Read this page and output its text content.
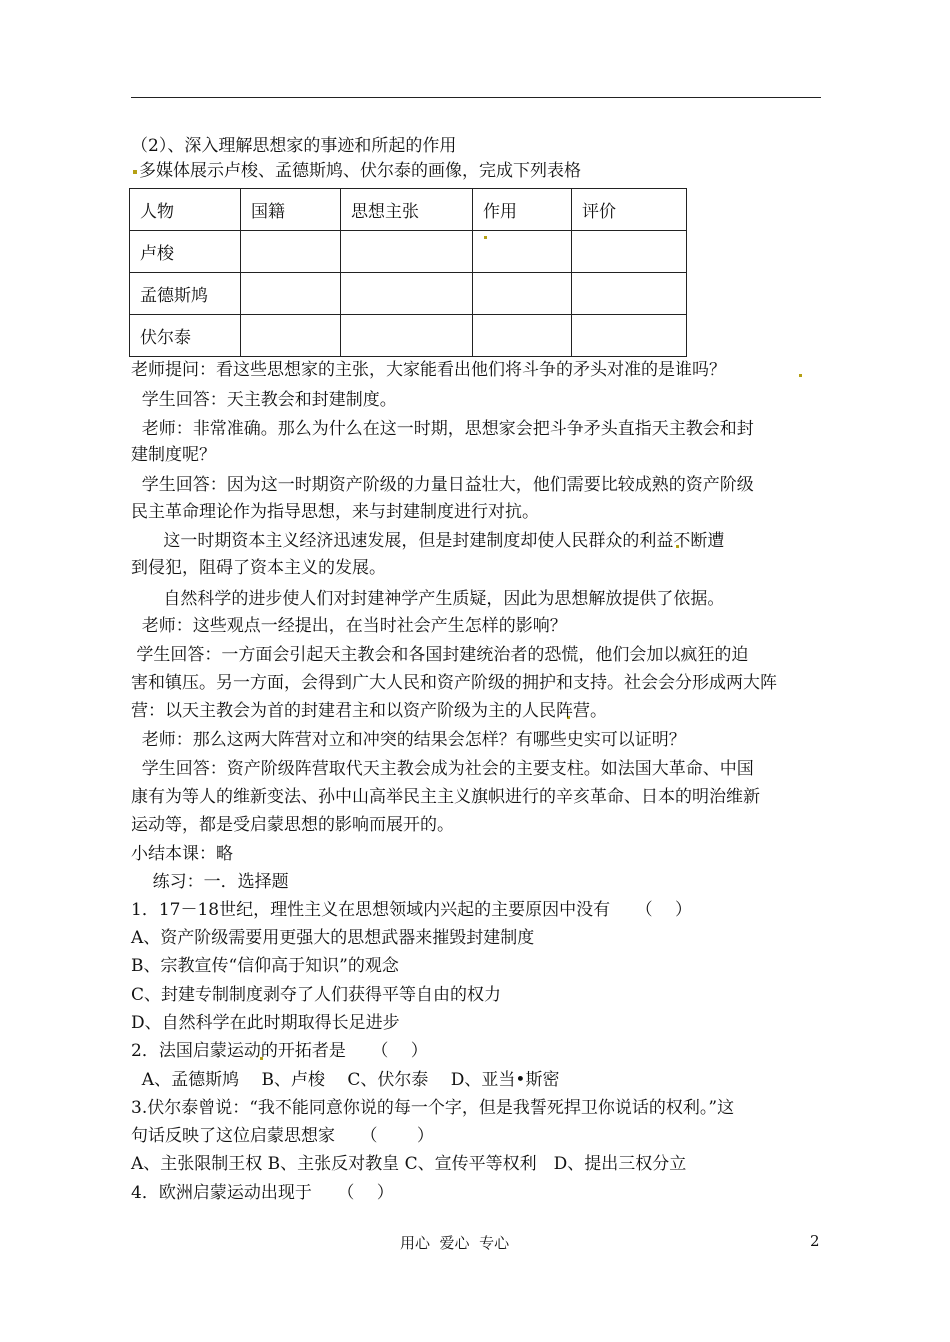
（2）、深入理解思想家的事迹和所起的作用
多媒体展示卢梭、孟德斯鸠、伏尔泰的画像，完成下列表格
人物	国籍	思想主张	作用	评价
卢梭				
孟德斯鸠				
伏尔泰				
老师提问：看这些思想家的主张，大家能看出他们将斗争的矛头对准的是谁吗？
学生回答：天主教会和封建制度。
老师：非常准确。那么为什么在这一时期，思想家会把斗争矛头直指天主教会和封
建制度呢？
学生回答：因为这一时期资产阶级的力量日益壮大，他们需要比较成熟的资产阶级
民主革命理论作为指导思想，来与封建制度进行对抗。
这一时期资本主义经济迅速发展，但是封建制度却使人民群众的利益不断遭
到侵犯，阻碍了资本主义的发展。
自然科学的进步使人们对封建神学产生质疑，因此为思想解放提供了依据。
老师：这些观点一经提出，在当时社会产生怎样的影响？
学生回答：一方面会引起天主教会和各国封建统治者的恐慌，他们会加以疯狂的迫
害和镇压。另一方面，会得到广大人民和资产阶级的拥护和支持。社会会分形成两大阵
营：以天主教会为首的封建君主和以资产阶级为主的人民阵营。
老师：那么这两大阵营对立和冲突的结果会怎样？有哪些史实可以证明？
学生回答：资产阶级阵营取代天主教会成为社会的主要支柱。如法国大革命、中国
康有为等人的维新变法、孙中山高举民主主义旗帜进行的辛亥革命、日本的明治维新
运动等，都是受启蒙思想的影响而展开的。
小结本课：略
练习：一．选择题
1．17－18世纪，理性主义在思想领域内兴起的主要原因中没有　　（　 ）
A、资产阶级需要用更强大的思想武器来摧毁封建制度
B、宗教宣传“信仰高于知识”的观念
C、封建专制制度剥夺了人们获得平等自由的权力
D、自然科学在此时期取得长足进步
2．法国启蒙运动的开拓者是　　（　 ）
A、孟德斯鸠　 B、卢梭　 C、伏尔泰　 D、亚当•斯密
3.伏尔泰曾说：“我不能同意你说的每一个字，但是我誓死捍卫你说话的权利。”这
句话反映了这位启蒙思想家　　（　　 ）
A、主张限制王权 B、主张反对教皇 C、宣传平等权利　D、提出三权分立
4．欧洲启蒙运动出现于　　（　 ）
用心  爱心  专心	2
